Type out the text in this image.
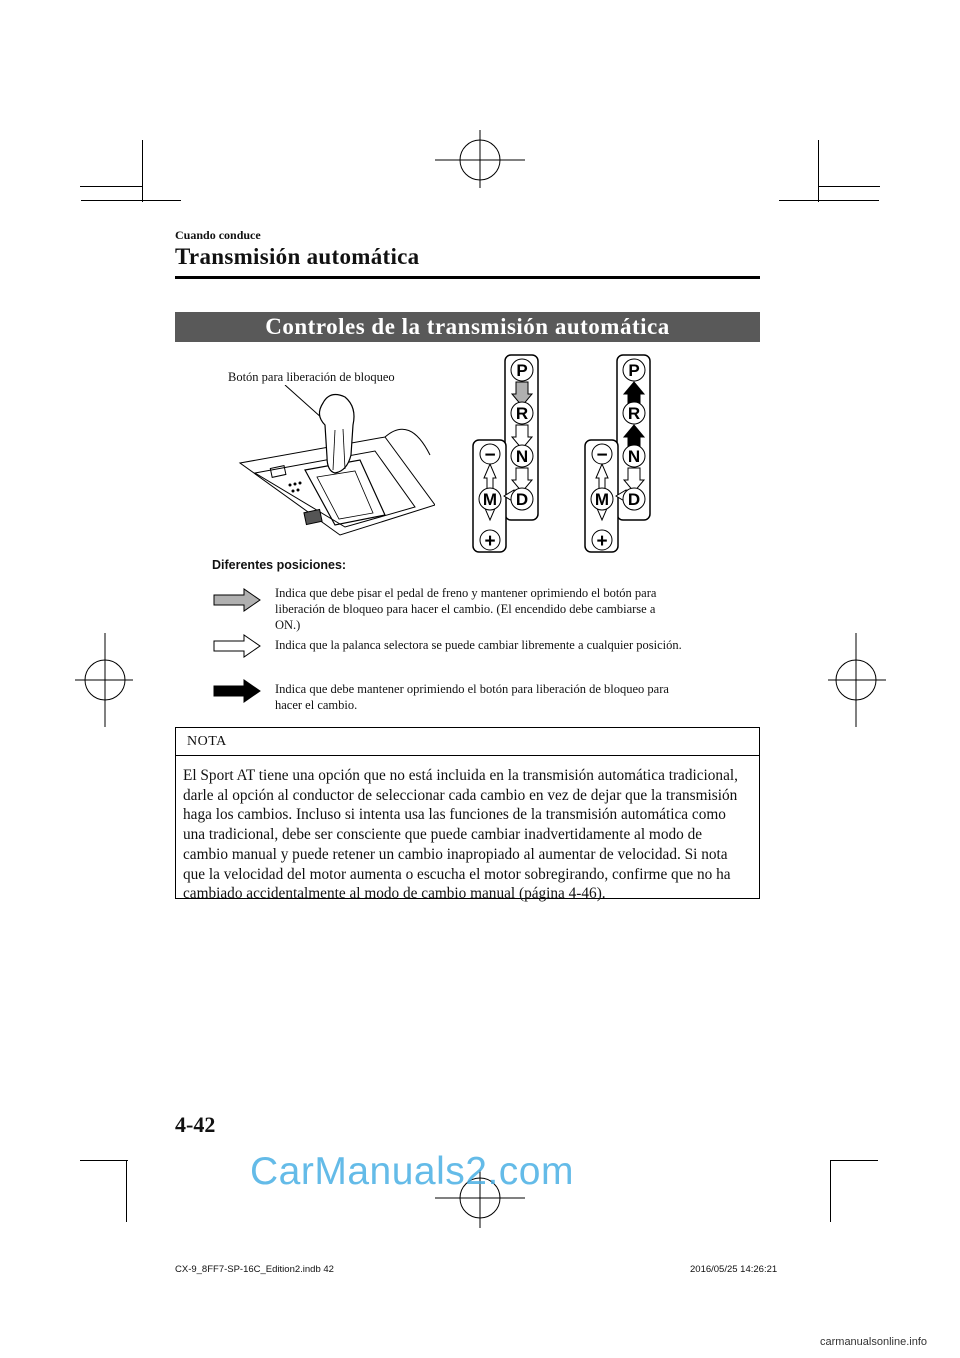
Cuando conduce
Transmisión automática
Controles de la transmisión automática
Botón para liberación de bloqueo	P
R
N
D
M
−
+
P
R
N
D
M
−
+
Diferentes posiciones:
Indica que debe pisar el pedal de freno y mantener oprimiendo el botón para
liberación de bloqueo para hacer el cambio. (El encendido debe cambiarse a
ON.)
Indica que la palanca selectora se puede cambiar libremente a cualquier posición.
Indica que debe mantener oprimiendo el botón para liberación de bloqueo para
hacer el cambio.
NOTA
El Sport AT tiene una opción que no está incluida en la transmisión automática tradicional,
darle al opción al conductor de seleccionar cada cambio en vez de dejar que la transmisión
haga los cambios. Incluso si intenta usa las funciones de la transmisión automática como
una tradicional, debe ser consciente que puede cambiar inadvertidamente al modo de
cambio manual y puede retener un cambio inapropiado al aumentar de velocidad. Si nota
que la velocidad del motor aumenta o escucha el motor sobregirando, confirme que no ha
cambiado accidentalmente al modo de cambio manual (página 4-46).
4-42
CarManuals2.com
CX-9_8FF7-SP-16C_Edition2.indb 42	2016/05/25 14:26:21
carmanualsonline.info
